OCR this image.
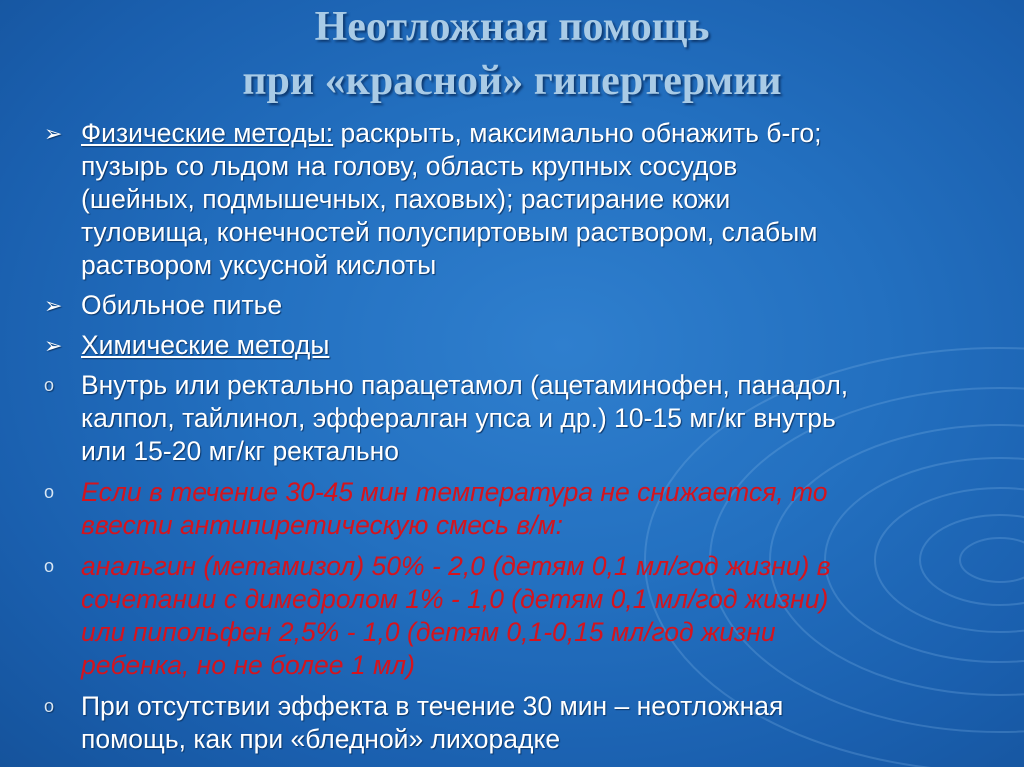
Неотложная помощь
при «красной» гипертермии
➢ Физические методы: раскрыть, максимально обнажить б-го;
пузырь со льдом на голову, область крупных сосудов
(шейных, подмышечных, паховых); растирание кожи
туловища, конечностей полуспиртовым раствором, слабым
раствором уксусной кислоты
➢ Обильное питье
➢ Химические методы
o	Внутрь или ректально парацетамол (ацетаминофен, панадол,
калпол, тайлинол, эффералган упса и др.) 10-15 мг/кг внутрь
или 15-20 мг/кг ректально
o	Если в течение 30-45 мин температура не снижается, то
ввести антипиретическую смесь в/м:
o	анальгин (метамизол) 50% - 2,0 (детям 0,1 мл/год жизни) в
сочетании с димедролом 1% - 1,0 (детям 0,1 мл/год жизни)
или пипольфен 2,5% - 1,0 (детям 0,1-0,15 мл/год жизни
ребенка, но не более 1 мл)
o	При отсутствии эффекта в течение 30 мин – неотложная
помощь, как при «бледной» лихорадке
